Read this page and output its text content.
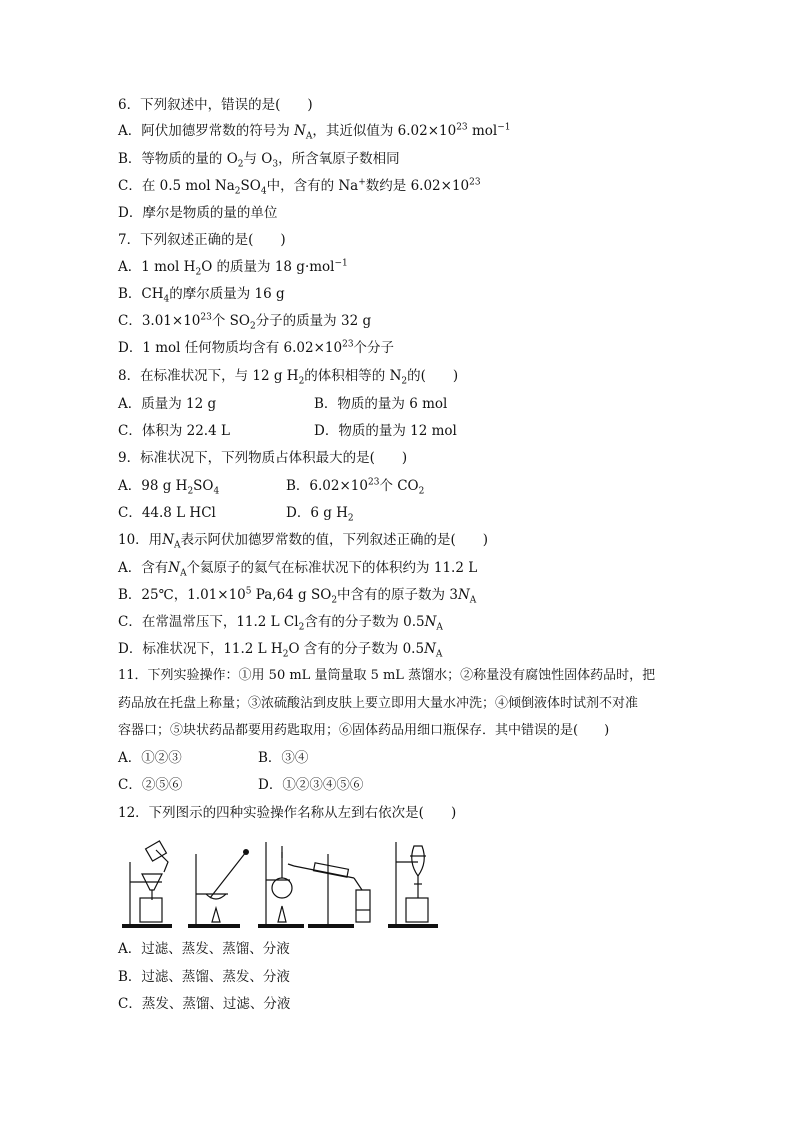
6．下列叙述中，错误的是(　　)
A．阿伏加德罗常数的符号为 $N_A$，其近似值为 $6.02\times 10^{23}$ mol$^{-1}$
B．等物质的量的 $O_2$与 $O_3$，所含氧原子数相同
C．在 0.5 mol $Na_2SO_4$中，含有的 Na+数约是 $6.02\times 10^{23}$
D．摩尔是物质的量的单位
7．下列叙述正确的是(　　)
A．1 mol $H_2O$ 的质量为 18 g·mol$^{-1}$
B．$CH_4$的摩尔质量为 16 g
C．$3.01\times 10^{23}$个 $SO_2$分子的质量为 32 g
D．1 mol 任何物质均含有 $6.02\times 10^{23}$个分子
8．在标准状况下，与 12 g $H_2$的体积相等的 $N_2$的(　　)
A．质量为 12 g	B．物质的量为 6 mol
C．体积为 22.4 L	D．物质的量为 12 mol
9．标准状况下，下列物质占体积最大的是(　　)
A．98 g $H_2SO_4$	B．$6.02\times 10^{23}$个 $CO_2$
C．44.8 L HCl	D．6 g $H_2$
10．用$N_A$表示阿伏加德罗常数的值，下列叙述正确的是(　　)
A．含有$N_A$个氦原子的氦气在标准状况下的体积约为 11.2 L
B．25℃，$1.01\times 10^5$ Pa,64 g $SO_2$中含有的原子数为 $3N_A$
C．在常温常压下，11.2 L $Cl_2$含有的分子数为 $0.5N_A$
D．标准状况下，11.2 L $H_2O$ 含有的分子数为 $0.5N_A$
11．下列实验操作：①用 50 mL 量筒量取 5 mL 蒸馏水；②称量没有腐蚀性固体药品时，把
药品放在托盘上称量；③浓硫酸沾到皮肤上要立即用大量水冲洗；④倾倒液体时试剂不对准
容器口；⑤块状药品都要用药匙取用；⑥固体药品用细口瓶保存．其中错误的是(　　)
A．①②③	B．③④
C．②⑤⑥	D．①②③④⑤⑥
12．下列图示的四种实验操作名称从左到右依次是(　　)
A．过滤、蒸发、蒸馏、分液
B．过滤、蒸馏、蒸发、分液
C．蒸发、蒸馏、过滤、分液
